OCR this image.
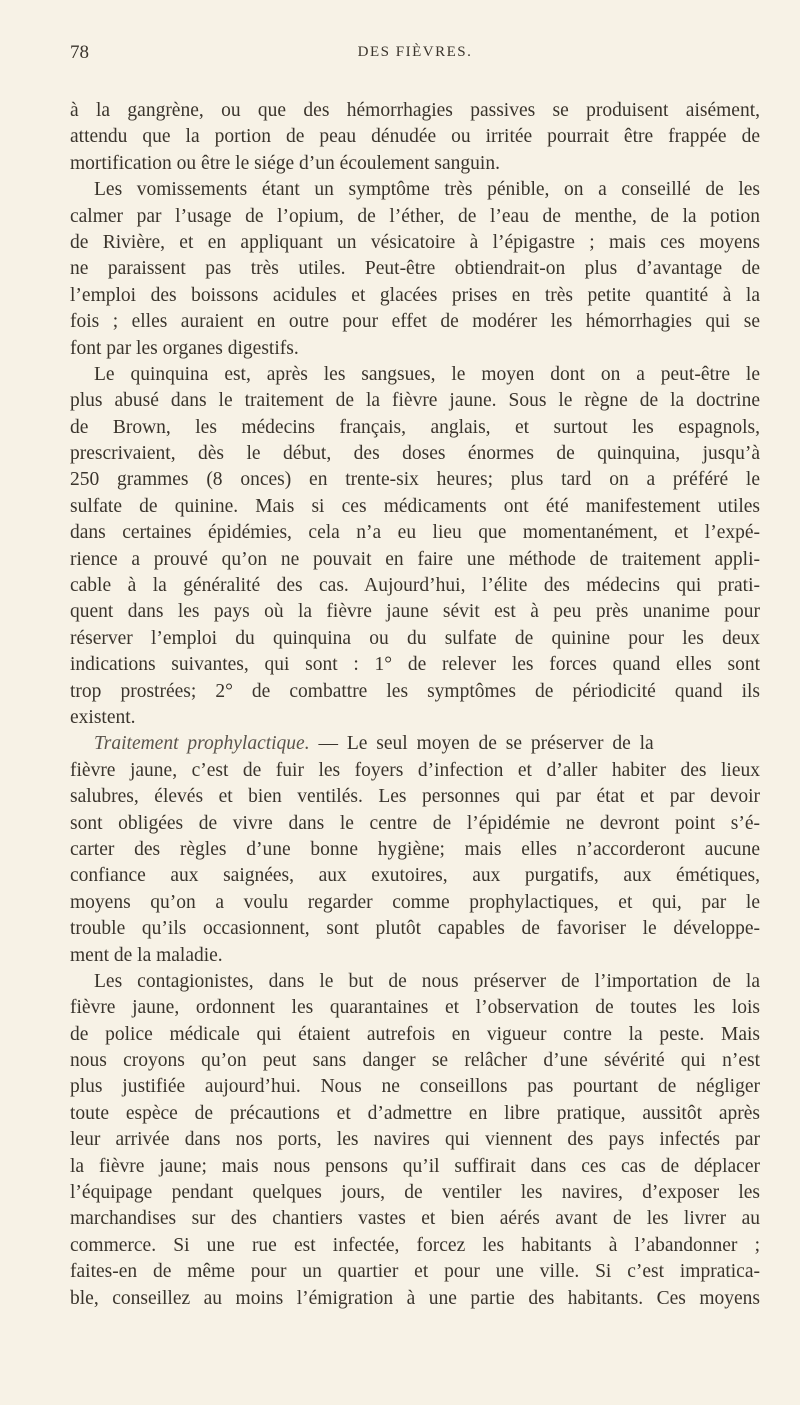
78	DES FIÈVRES.
à la gangrène, ou que des hémorrhagies passives se produisent aisément,
attendu que la portion de peau dénudée ou irritée pourrait être frappée de
mortification ou être le siége d’un écoulement sanguin.
Les vomissements étant un symptôme très pénible, on a conseillé de les
calmer par l’usage de l’opium, de l’éther, de l’eau de menthe, de la potion
de Rivière, et en appliquant un vésicatoire à l’épigastre ; mais ces moyens
ne paraissent pas très utiles. Peut-être obtiendrait-on plus d’avantage de
l’emploi des boissons acidules et glacées prises en très petite quantité à la
fois ; elles auraient en outre pour effet de modérer les hémorrhagies qui se
font par les organes digestifs.
Le quinquina est, après les sangsues, le moyen dont on a peut-être le
plus abusé dans le traitement de la fièvre jaune. Sous le règne de la doctrine
de Brown, les médecins français, anglais, et surtout les espagnols,
prescrivaient, dès le début, des doses énormes de quinquina, jusqu’à
250 grammes (8 onces) en trente-six heures; plus tard on a préféré le
sulfate de quinine. Mais si ces médicaments ont été manifestement utiles
dans certaines épidémies, cela n’a eu lieu que momentanément, et l’expé-
rience a prouvé qu’on ne pouvait en faire une méthode de traitement appli-
cable à la généralité des cas. Aujourd’hui, l’élite des médecins qui prati-
quent dans les pays où la fièvre jaune sévit est à peu près unanime pour
réserver l’emploi du quinquina ou du sulfate de quinine pour les deux
indications suivantes, qui sont : 1° de relever les forces quand elles sont
trop prostrées; 2° de combattre les symptômes de périodicité quand ils
existent.
Traitement prophylactique. — Le seul moyen de se préserver de la
fièvre jaune, c’est de fuir les foyers d’infection et d’aller habiter des lieux
salubres, élevés et bien ventilés. Les personnes qui par état et par devoir
sont obligées de vivre dans le centre de l’épidémie ne devront point s’é-
carter des règles d’une bonne hygiène; mais elles n’accorderont aucune
confiance aux saignées, aux exutoires, aux purgatifs, aux émétiques,
moyens qu’on a voulu regarder comme prophylactiques, et qui, par le
trouble qu’ils occasionnent, sont plutôt capables de favoriser le développe-
ment de la maladie.
Les contagionistes, dans le but de nous préserver de l’importation de la
fièvre jaune, ordonnent les quarantaines et l’observation de toutes les lois
de police médicale qui étaient autrefois en vigueur contre la peste. Mais
nous croyons qu’on peut sans danger se relâcher d’une sévérité qui n’est
plus justifiée aujourd’hui. Nous ne conseillons pas pourtant de négliger
toute espèce de précautions et d’admettre en libre pratique, aussitôt après
leur arrivée dans nos ports, les navires qui viennent des pays infectés par
la fièvre jaune; mais nous pensons qu’il suffirait dans ces cas de déplacer
l’équipage pendant quelques jours, de ventiler les navires, d’exposer les
marchandises sur des chantiers vastes et bien aérés avant de les livrer au
commerce. Si une rue est infectée, forcez les habitants à l’abandonner ;
faites-en de même pour un quartier et pour une ville. Si c’est impratica-
ble, conseillez au moins l’émigration à une partie des habitants. Ces moyens
